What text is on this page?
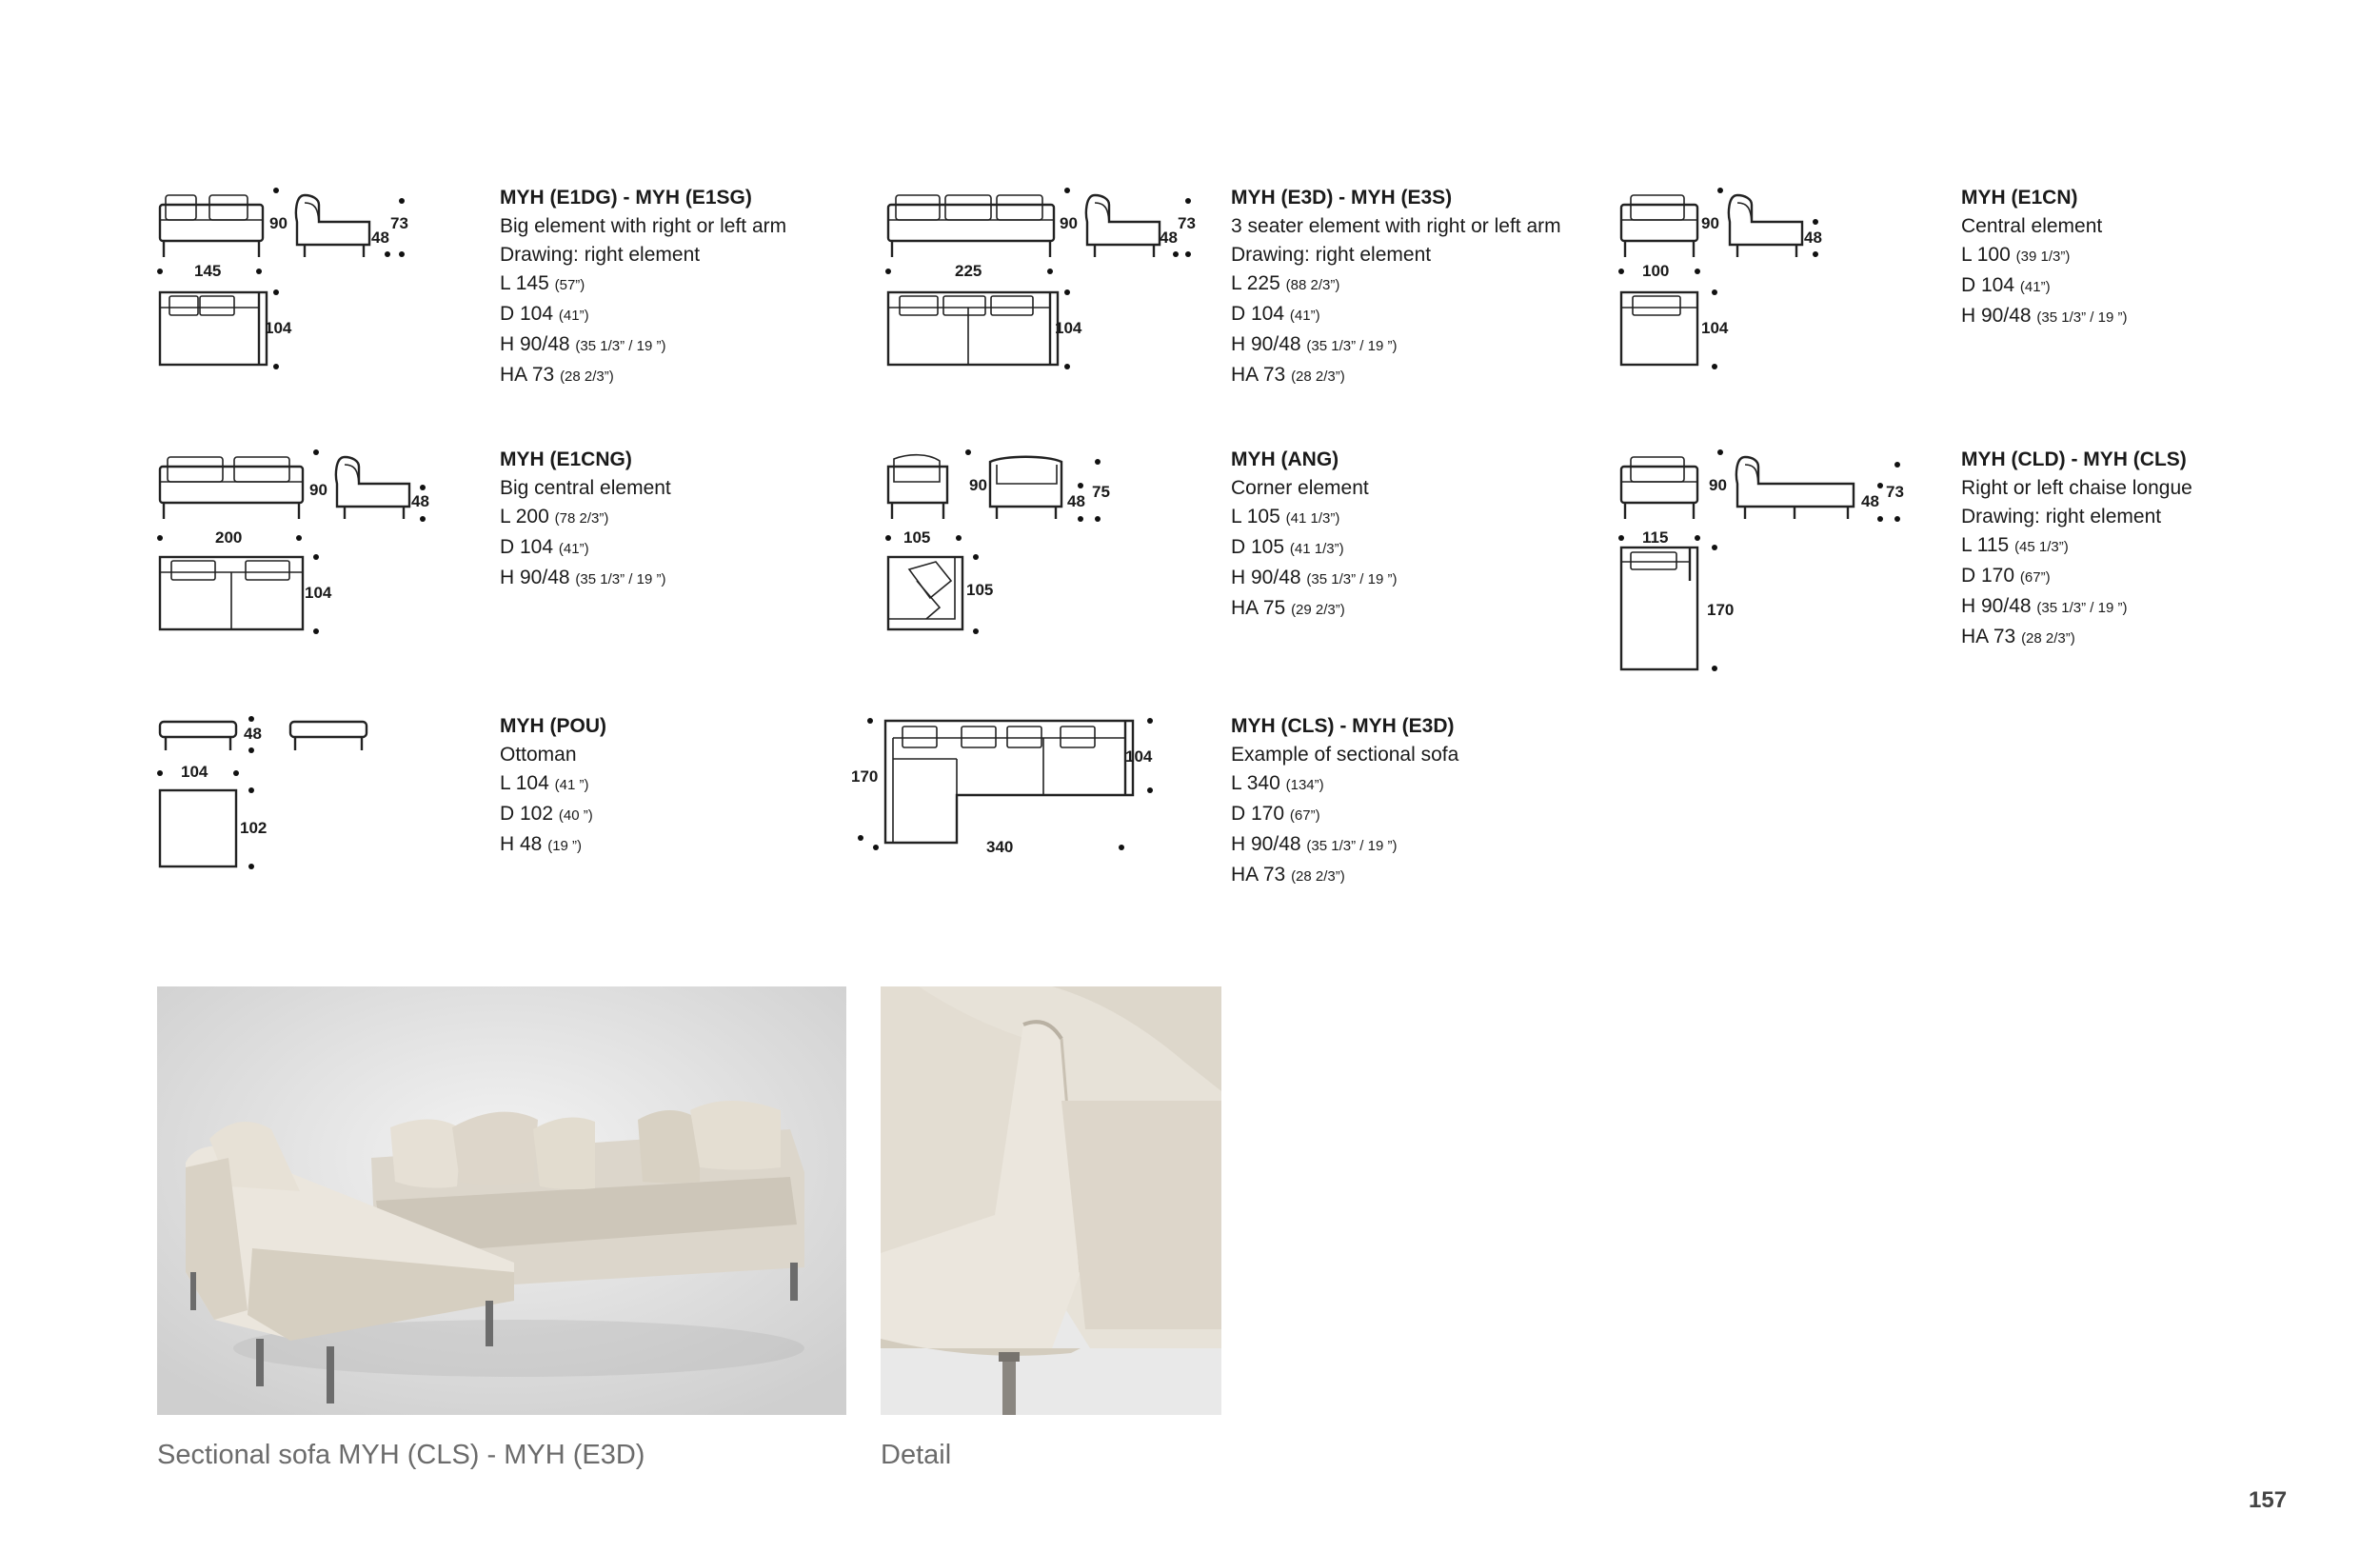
90
48
73
145
104
MYH (E1DG) - MYH (E1SG)
Big element with right or left arm
Drawing: right element
L 145 (57”)
D 104 (41”)
H 90/48 (35 1/3” / 19 ”)
HA 73 (28 2/3”)
90
48
73
225
104
MYH (E3D) - MYH (E3S)
3 seater element with right or left arm
Drawing: right element
L 225 (88 2/3”)
D 104 (41”)
H 90/48 (35 1/3” / 19 ”)
HA 73 (28 2/3”)
90
48
100
104
MYH (E1CN)
Central element
L 100 (39 1/3”)
D 104 (41”)
H 90/48 (35 1/3” / 19 ”)
90
48
200
104
MYH (E1CNG)
Big central element
L 200 (78 2/3”)
D 104 (41”)
H 90/48 (35 1/3” / 19 ”)
90
48
75
105
105
MYH (ANG)
Corner element
L 105 (41 1/3”)
D 105 (41 1/3”)
H 90/48 (35 1/3” / 19 ”)
HA 75 (29 2/3”)
90
48
73
115
170
MYH (CLD) - MYH (CLS)
Right or left chaise longue
Drawing: right element
L 115 (45 1/3”)
D 170 (67”)
H 90/48 (35 1/3” / 19 ”)
HA 73 (28 2/3”)
48
104
102
MYH (POU)
Ottoman
L 104 (41 ”)
D 102 (40 ”)
H 48 (19 ”)
170
104
340
MYH (CLS) - MYH (E3D)
Example of sectional sofa
L 340 (134”)
D 170 (67”)
H 90/48 (35 1/3” / 19 ”)
HA 73 (28 2/3”)
Sectional sofa MYH (CLS) - MYH (E3D)	Detail
157
